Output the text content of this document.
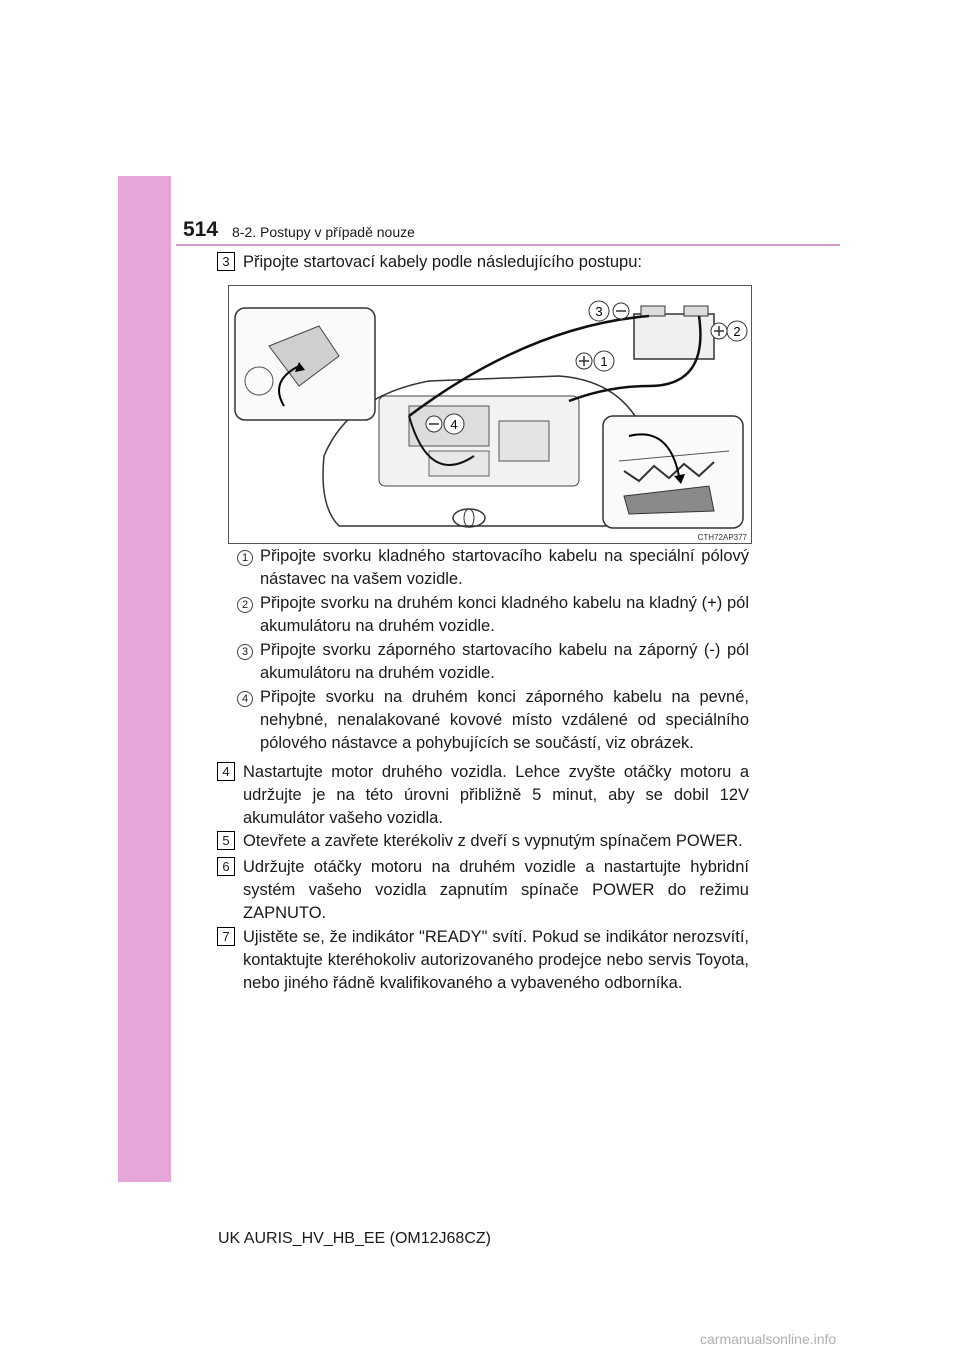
514 8-2. Postupy v případě nouze
3 Připojte startovací kabely podle následujícího postupu:
3
2
1
4
CTH72AP377
1 Připojte svorku kladného startovacího kabelu na speciální pólový nástavec na vašem vozidle.
2 Připojte svorku na druhém konci kladného kabelu na kladný (+) pól akumulátoru na druhém vozidle.
3 Připojte svorku záporného startovacího kabelu na záporný (-) pól akumulátoru na druhém vozidle.
4 Připojte svorku na druhém konci záporného kabelu na pevné, nehybné, nenalakované kovové místo vzdálené od speciálního pólového nástavce a pohybujících se součástí, viz obrázek.
4 Nastartujte motor druhého vozidla. Lehce zvyšte otáčky motoru a udržujte je na této úrovni přibližně 5 minut, aby se dobil 12V akumulátor vašeho vozidla.
5 Otevřete a zavřete kterékoliv z dveří s vypnutým spínačem POWER.
6 Udržujte otáčky motoru na druhém vozidle a nastartujte hybridní systém vašeho vozidla zapnutím spínače POWER do režimu ZAPNUTO.
7 Ujistěte se, že indikátor "READY" svítí. Pokud se indikátor nerozsvítí, kontaktujte kteréhokoliv autorizovaného prodejce nebo servis Toyota, nebo jiného řádně kvalifikovaného a vybaveného odborníka.
UK AURIS_HV_HB_EE (OM12J68CZ)
carmanualsonline.info
